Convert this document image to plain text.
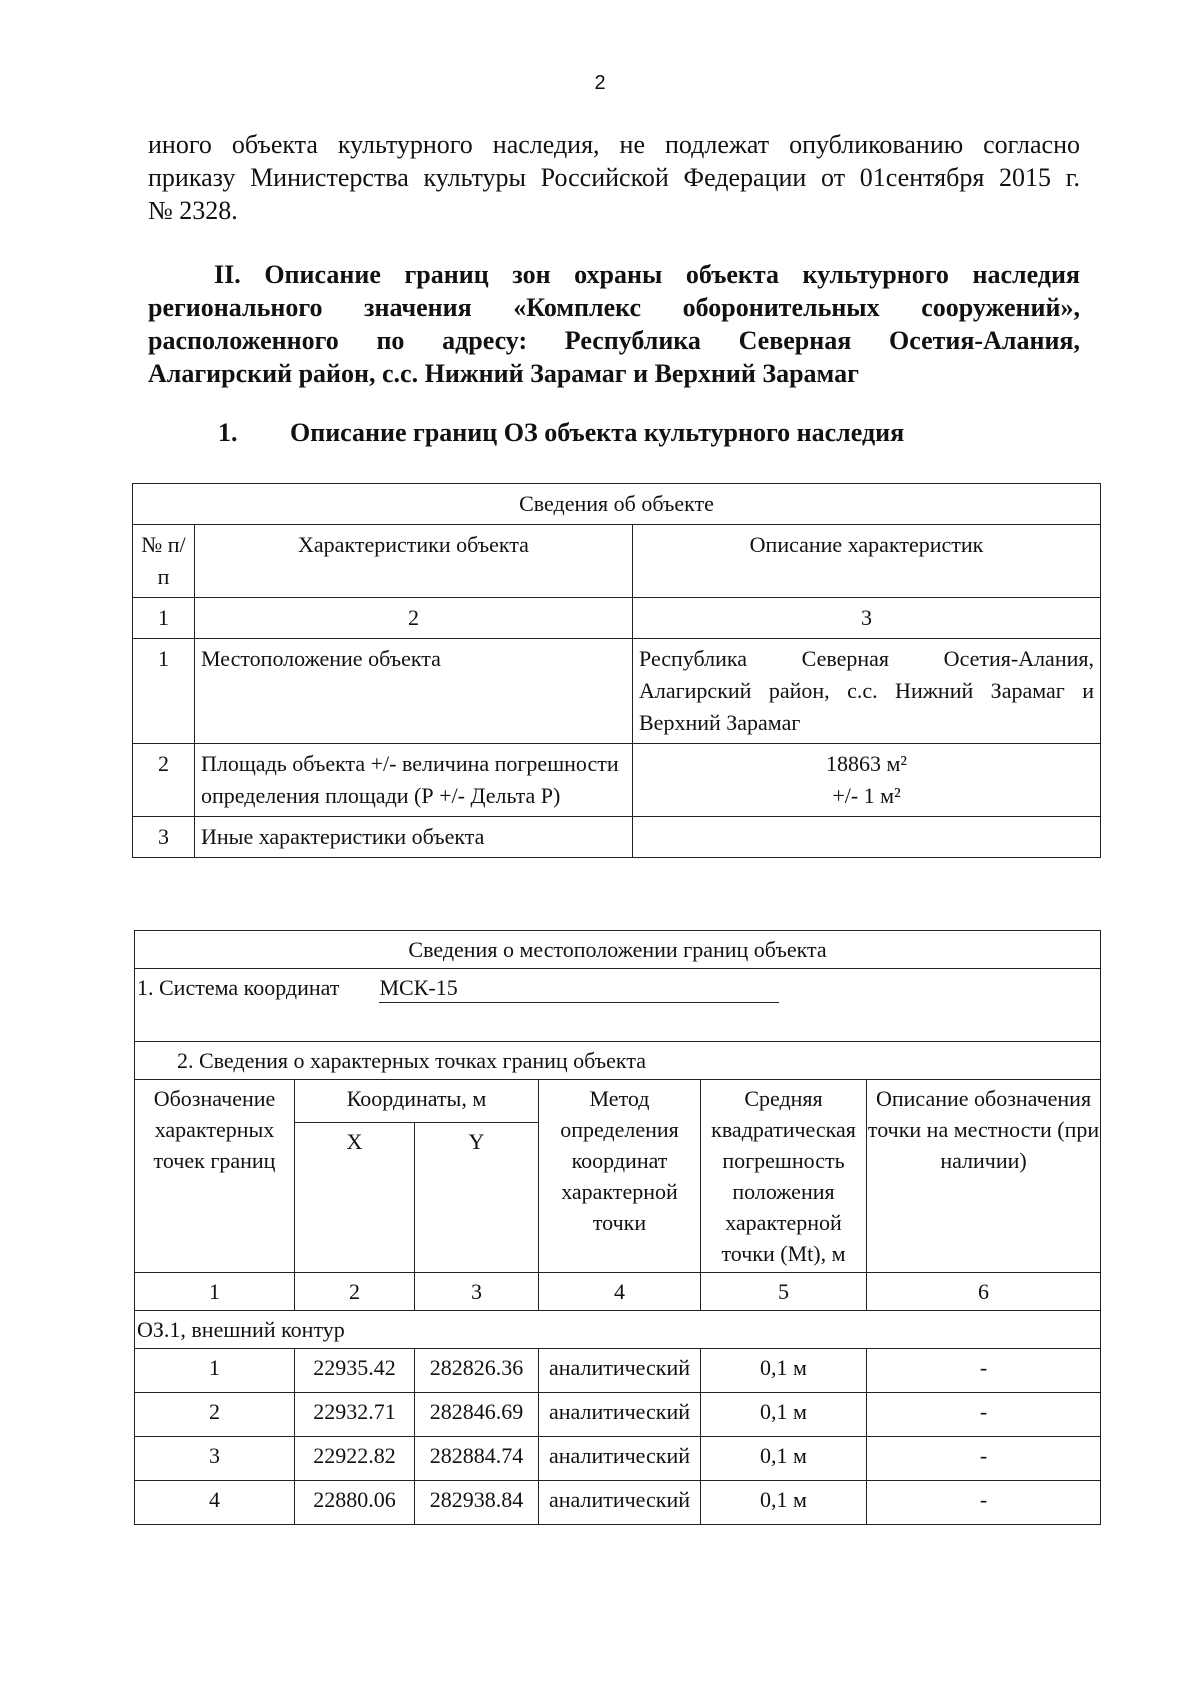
2
иного объекта культурного наследия, не подлежат опубликованию согласно
приказу Министерства культуры Российской Федерации от 01сентября 2015 г.
№ 2328.
II. Описание границ зон охраны объекта культурного наследия
регионального значения «Комплекс оборонительных сооружений»,
расположенного по адресу: Республика Северная Осетия-Алания,
Алагирский район, с.с. Нижний Зарамаг и Верхний Зарамаг
1. Описание границ ОЗ объекта культурного наследия
Сведения об объекте		
№ п/п	Характеристики объекта	Описание характеристик
1	2	3
1	Местоположение объекта	Республика Северная Осетия-Алания, Алагирский район, с.с. Нижний Зарамаг и Верхний Зарамаг
2	Площадь объекта +/- величина погрешности определения площади (Р +/- Дельта Р)	18863 м²
+/- 1 м²

3	Иные характеристики объекта	
Сведения о местоположении границ объекта					
1. Система координат МСК-15					
2. Сведения о характерных точках границ объекта					
Обозначение характерных точек границ	Координаты, м		Метод определения координат характерной точки	Средняя квадратическая погрешность положения характерной точки (Mt), м	Описание обозначения точки на местности (при наличии)
	X	Y			
1	2	3	4	5	6
ОЗ.1, внешний контур					
1	22935.42	282826.36	аналитический	0,1 м	-
2	22932.71	282846.69	аналитический	0,1 м	-
3	22922.82	282884.74	аналитический	0,1 м	-
4	22880.06	282938.84	аналитический	0,1 м	-
